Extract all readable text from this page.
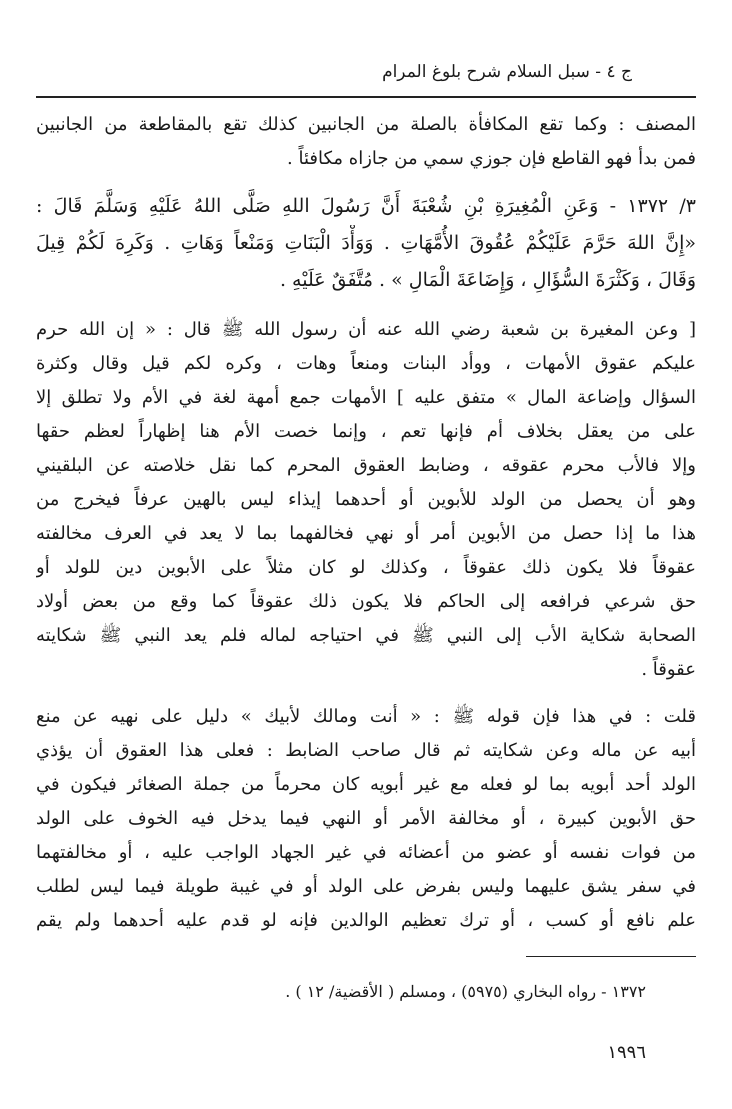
ج ٤ - سبل السلام شرح بلوغ المرام
المصنف : وكما تقع المكافأة بالصلة من الجانبين كذلك تقع بالمقاطعة من الجانبين
فمن بدأ فهو القاطع فإن جوزي سمي من جازاه مكافئاً .
٣/ ١٣٧٢ - وَعَنِ الْمُغِيرَةِ بْنِ شُعْبَةَ أَنَّ رَسُولَ اللهِ صَلَّى اللهُ عَلَيْهِ وَسَلَّمَ قَالَ :
«إِنَّ اللهَ حَرَّمَ عَلَيْكُمْ عُقُوقَ الأُمَّهَاتِ . وَوَأْدَ الْبَنَاتِ وَمَنْعاً وَهَاتِ . وَكَرِهَ لَكُمْ قِيلَ
وَقَالَ ، وَكَثْرَةَ السُّؤَالِ ، وَإِضَاعَةَ الْمَالِ » . مُتَّفَقٌ عَلَيْهِ .
[ وعن المغيرة بن شعبة رضي الله عنه أن رسول الله ﷺ قال : « إن الله حرم
عليكم عقوق الأمهات ، ووأد البنات ومنعاً وهات ، وكره لكم قيل وقال وكثرة
السؤال وإضاعة المال » متفق عليه ] الأمهات جمع أمهة لغة في الأم ولا تطلق إلا
على من يعقل بخلاف أم فإنها تعم ، وإنما خصت الأم هنا إظهاراً لعظم حقها
وإلا فالأب محرم عقوقه ، وضابط العقوق المحرم كما نقل خلاصته عن البلقيني
وهو أن يحصل من الولد للأبوين أو أحدهما إيذاء ليس بالهين عرفاً فيخرج من
هذا ما إذا حصل من الأبوين أمر أو نهي فخالفهما بما لا يعد في العرف مخالفته
عقوقاً فلا يكون ذلك عقوقاً ، وكذلك لو كان مثلاً على الأبوين دين للولد أو
حق شرعي فرافعه إلى الحاكم فلا يكون ذلك عقوقاً كما وقع من بعض أولاد
الصحابة شكاية الأب إلى النبي ﷺ في احتياجه لماله فلم يعد النبي ﷺ شكايته
عقوقاً .
قلت : في هذا فإن قوله ﷺ : « أنت ومالك لأبيك » دليل على نهيه عن منع
أبيه عن ماله وعن شكايته ثم قال صاحب الضابط : فعلى هذا العقوق أن يؤذي
الولد أحد أبويه بما لو فعله مع غير أبويه كان محرماً من جملة الصغائر فيكون في
حق الأبوين كبيرة ، أو مخالفة الأمر أو النهي فيما يدخل فيه الخوف على الولد
من فوات نفسه أو عضو من أعضائه في غير الجهاد الواجب عليه ، أو مخالفتهما
في سفر يشق عليهما وليس بفرض على الولد أو في غيبة طويلة فيما ليس لطلب
علم نافع أو كسب ، أو ترك تعظيم الوالدين فإنه لو قدم عليه أحدهما ولم يقم
١٣٧٢ - رواه البخاري (٥٩٧٥) ، ومسلم ( الأقضية/ ١٢ ) .
١٩٩٦
